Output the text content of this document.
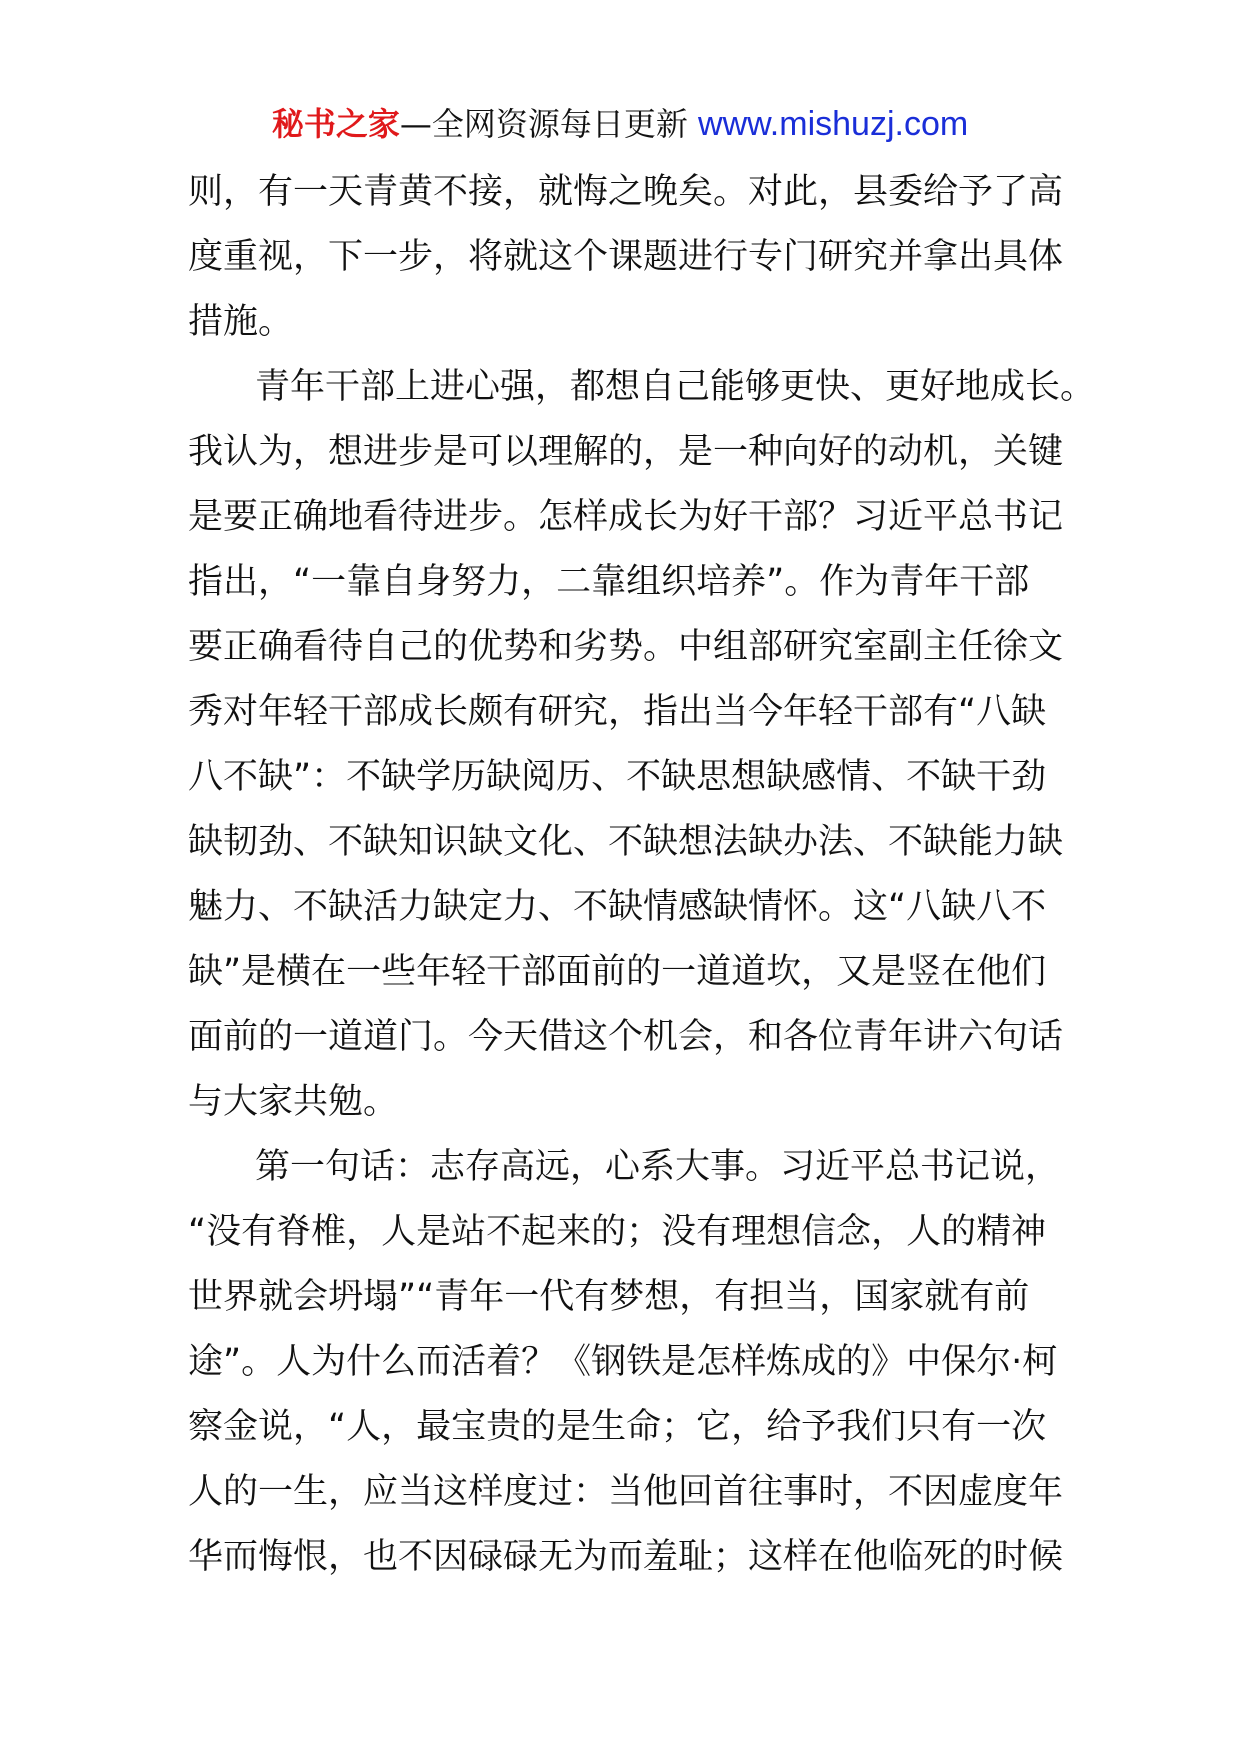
秘书之家—全网资源每日更新 www.mishuzj.com
则，有一天青黄不接，就悔之晚矣。对此，县委给予了高
度重视，下一步，将就这个课题进行专门研究并拿出具体
措施。
青年干部上进心强，都想自己能够更快、更好地成长。
我认为，想进步是可以理解的，是一种向好的动机，关键
是要正确地看待进步。怎样成长为好干部？习近平总书记
指出，“一靠自身努力，二靠组织培养”。作为青年干部
要正确看待自己的优势和劣势。中组部研究室副主任徐文
秀对年轻干部成长颇有研究，指出当今年轻干部有“八缺
八不缺”：不缺学历缺阅历、不缺思想缺感情、不缺干劲
缺韧劲、不缺知识缺文化、不缺想法缺办法、不缺能力缺
魅力、不缺活力缺定力、不缺情感缺情怀。这“八缺八不
缺”是横在一些年轻干部面前的一道道坎，又是竖在他们
面前的一道道门。今天借这个机会，和各位青年讲六句话
与大家共勉。
第一句话：志存高远，心系大事。习近平总书记说，
“没有脊椎，人是站不起来的；没有理想信念，人的精神
世界就会坍塌”“青年一代有梦想，有担当，国家就有前
途”。人为什么而活着？《钢铁是怎样炼成的》中保尔·柯
察金说，“人，最宝贵的是生命；它，给予我们只有一次
人的一生，应当这样度过：当他回首往事时，不因虚度年
华而悔恨，也不因碌碌无为而羞耻；这样在他临死的时候
